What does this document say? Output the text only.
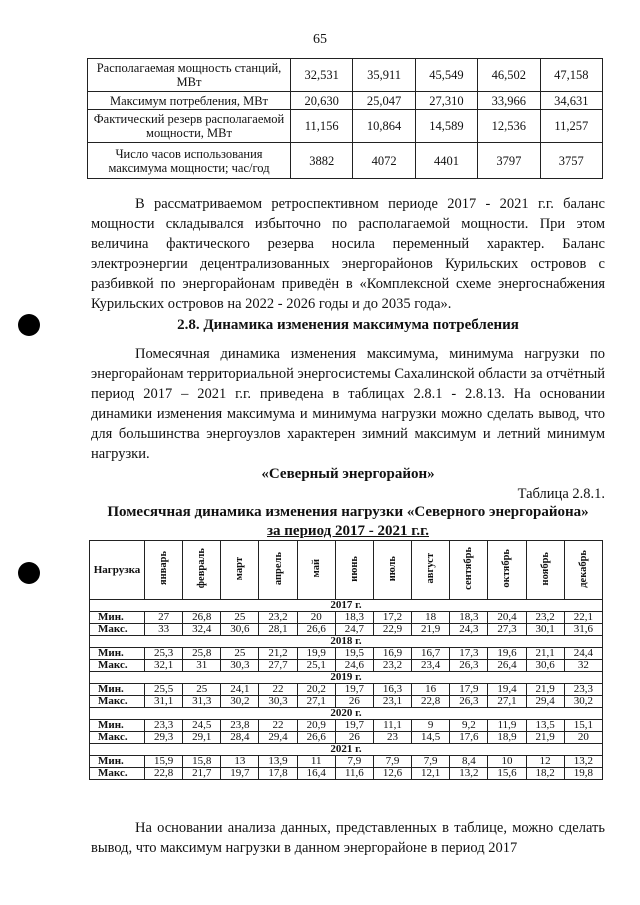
65
Располагаемая мощность станций, МВт	32,531	35,911	45,549	46,502	47,158
Максимум потребления, МВт	20,630	25,047	27,310	33,966	34,631
Фактический резерв располагаемой мощности, МВт	11,156	10,864	14,589	12,536	11,257
Число часов использования максимума мощности; час/год	3882	4072	4401	3797	3757
В рассматриваемом ретроспективном периоде 2017 - 2021 г.г. баланс мощности складывался избыточно по располагаемой мощности. При этом величина фактического резерва носила переменный характер. Баланс электроэнергии децентрализованных энергорайонов Курильских островов с разбивкой по энергорайонам приведён в «Комплексной схеме энергоснабжения Курильских островов на 2022 - 2026 годы и до 2035 года».
2.8. Динамика изменения максимума потребления
Помесячная динамика изменения максимума, минимума нагрузки по энергорайонам территориальной энергосистемы Сахалинской области за отчётный период 2017 – 2021 г.г. приведена в таблицах 2.8.1 - 2.8.13. На основании динамики изменения максимума и минимума нагрузки можно сделать вывод, что для большинства энергоузлов характерен зимний максимум и летний минимум нагрузки.
«Северный энергорайон»
Таблица 2.8.1.
Помесячная динамика изменения нагрузки «Северного энергорайона»
за период 2017 - 2021 г.г.
Нагрузка	январь	февраль	март	апрель	май	июнь	июль	август	сентябрь	октябрь	ноябрь	декабрь
2017 г.												
Мин.	27	26,8	25	23,2	20	18,3	17,2	18	18,3	20,4	23,2	22,1
Макс.	33	32,4	30,6	28,1	26,6	24,7	22,9	21,9	24,3	27,3	30,1	31,6
2018 г.												
Мин.	25,3	25,8	25	21,2	19,9	19,5	16,9	16,7	17,3	19,6	21,1	24,4
Макс.	32,1	31	30,3	27,7	25,1	24,6	23,2	23,4	26,3	26,4	30,6	32
2019 г.												
Мин.	25,5	25	24,1	22	20,2	19,7	16,3	16	17,9	19,4	21,9	23,3
Макс.	31,1	31,3	30,2	30,3	27,1	26	23,1	22,8	26,3	27,1	29,4	30,2
2020 г.												
Мин.	23,3	24,5	23,8	22	20,9	19,7	11,1	9	9,2	11,9	13,5	15,1
Макс.	29,3	29,1	28,4	29,4	26,6	26	23	14,5	17,6	18,9	21,9	20
2021 г.												
Мин.	15,9	15,8	13	13,9	11	7,9	7,9	7,9	8,4	10	12	13,2
Макс.	22,8	21,7	19,7	17,8	16,4	11,6	12,6	12,1	13,2	15,6	18,2	19,8
На основании анализа данных, представленных в таблице, можно сделать вывод, что максимум нагрузки в данном энергорайоне в период 2017
